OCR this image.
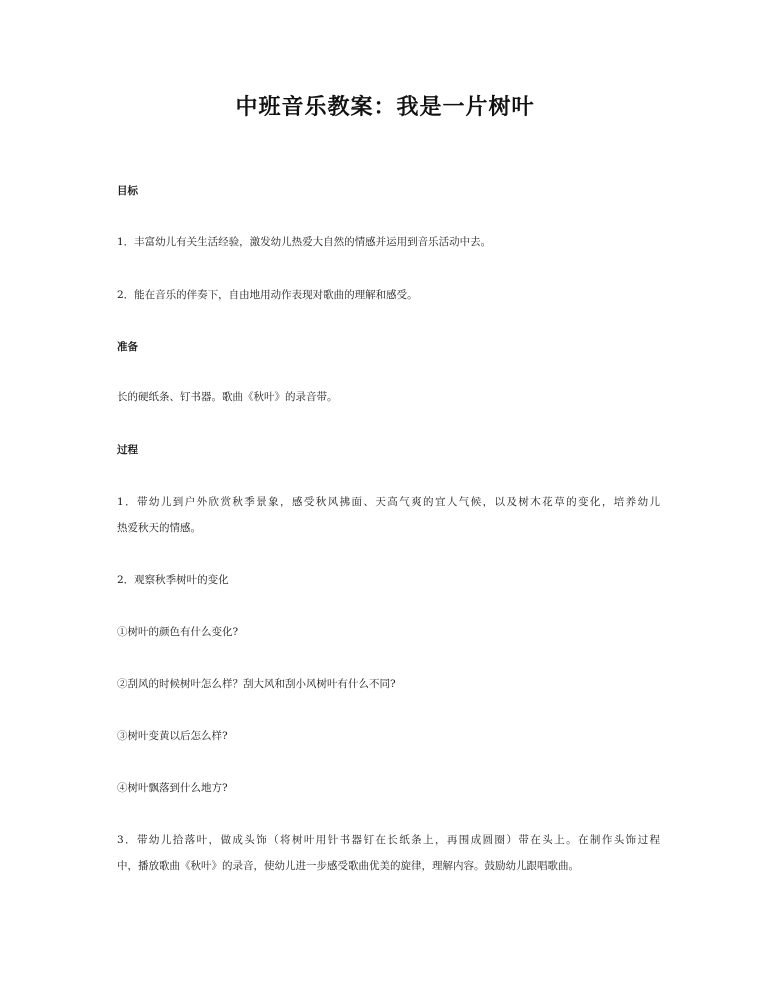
中班音乐教案：我是一片树叶

目标

1．丰富幼儿有关生活经验，激发幼儿热爱大自然的情感并运用到音乐活动中去。

2．能在音乐的伴奏下，自由地用动作表现对歌曲的理解和感受。

准备

长的硬纸条、钉书器。歌曲《秋叶》的录音带。

过程

1．带幼儿到户外欣赏秋季景象，感受秋风拂面、天高气爽的宜人气候，以及树木花草的变化，培养幼儿

热爱秋天的情感。

2．观察秋季树叶的变化

①树叶的颜色有什么变化?

②刮风的时候树叶怎么样？刮大风和刮小风树叶有什么不同?

③树叶变黄以后怎么样?

④树叶飘落到什么地方?

3．带幼儿拾落叶，做成头饰（将树叶用针书器钉在长纸条上，再围成圆圈）带在头上。在制作头饰过程

中，播放歌曲《秋叶》的录音，使幼儿进一步感受歌曲优美的旋律，理解内容。鼓励幼儿跟唱歌曲。
